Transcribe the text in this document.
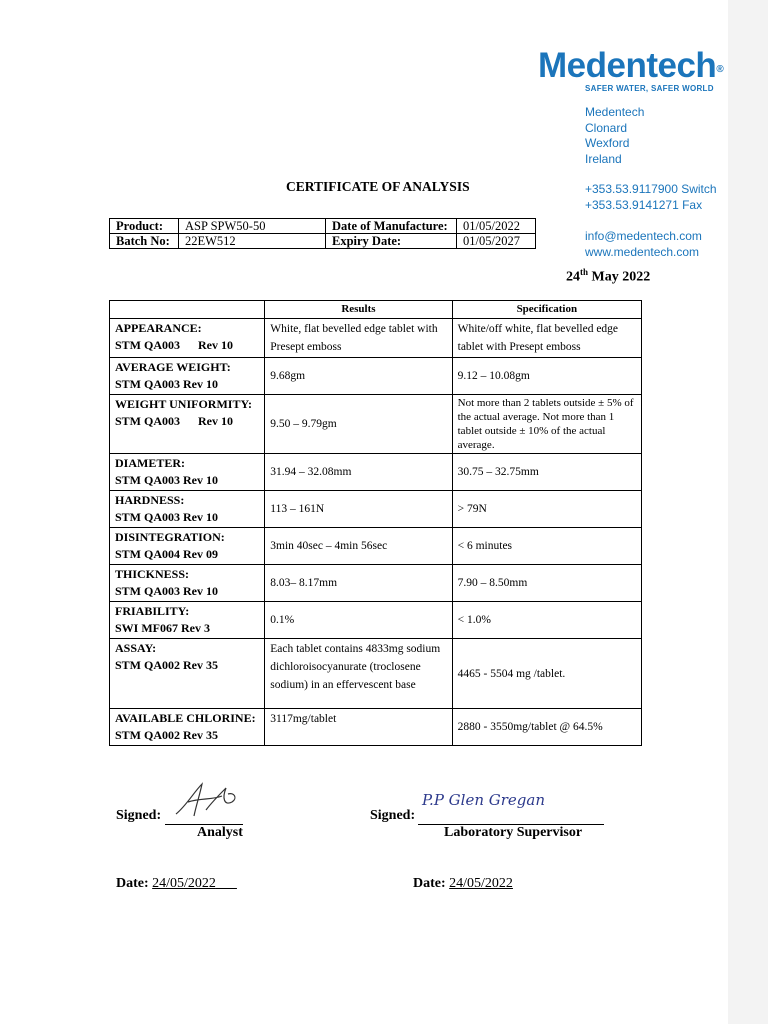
Medentech®
SAFER WATER, SAFER WORLD
Medentech
Clonard
Wexford
Ireland
+353.53.9117900 Switch
+353.53.9141271 Fax
info@medentech.com
www.medentech.com
CERTIFICATE OF ANALYSIS
Product:	ASP SPW50-50	Date of Manufacture:	01/05/2022
Batch No:	22EW512	Expiry Date:	01/05/2027
24th May 2022
	Results	Specification

APPEARANCE:
STM QA003      Rev 10	White, flat bevelled edge tablet with Presept emboss	White/off white, flat bevelled edge tablet with Presept emboss

AVERAGE WEIGHT:
STM QA003 Rev 10	9.68gm	9.12 – 10.08gm

WEIGHT UNIFORMITY:
STM QA003      Rev 10	9.50 – 9.79gm	Not more than 2 tablets outside ± 5% of the actual average. Not more than 1 tablet outside ± 10% of the actual average.

DIAMETER:
STM QA003 Rev 10	31.94 – 32.08mm	30.75 – 32.75mm

HARDNESS:
STM QA003 Rev 10	113 – 161N	> 79N

DISINTEGRATION:
STM QA004 Rev 09	3min 40sec – 4min 56sec	< 6 minutes

THICKNESS:
STM QA003 Rev 10	8.03– 8.17mm	7.90 – 8.50mm

FRIABILITY:
SWI MF067 Rev 3	0.1%	< 1.0%

ASSAY:
STM QA002 Rev 35	Each tablet contains 4833mg sodium dichloroisocyanurate (troclosene sodium) in an effervescent base	4465 - 5504 mg /tablet.

AVAILABLE CHLORINE:
STM QA002 Rev 35	3117mg/tablet	2880 - 3550mg/tablet @ 64.5%
Signed:
Analyst
P.P Glen Gregan
Signed:
Laboratory Supervisor
Date: 24/05/2022	Date: 24/05/2022
